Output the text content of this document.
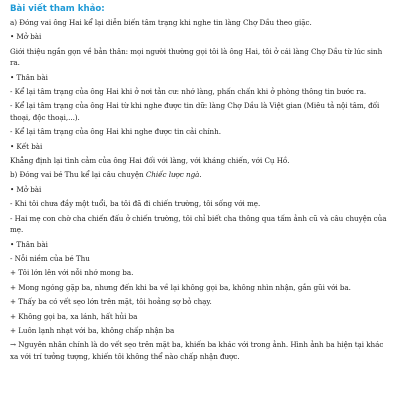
Bài viết tham khảo:

a) Đóng vai ông Hai kể lại diễn biến tâm trạng khi nghe tin làng Chợ Dầu theo giặc.

• Mở bài

Giới thiệu ngắn gọn về bản thân: mọi người thường gọi tôi là ông Hai, tôi ở cái làng Chợ Dầu từ lúc sinh ra.

• Thân bài

- Kể lại tâm trạng của ông Hai khi ở nơi tản cư: nhớ làng, phấn chấn khi ở phòng thông tin bước ra.

- Kể lại tâm trạng của ông Hai từ khi nghe được tin dữ: làng Chợ Dầu là Việt gian (Miêu tả nội tâm, đối thoại, độc thoại,...).

- Kể lại tâm trạng của ông Hai khi nghe được tin cải chính.

• Kết bài

Khẳng định lại tình cảm của ông Hai đối với làng, với kháng chiến, với Cụ Hồ.

b) Đóng vai bé Thu kể lại câu chuyện Chiếc lược ngà.

• Mở bài

- Khi tôi chưa đầy một tuổi, ba tôi đã đi chiến trường, tôi sống với mẹ.

- Hai mẹ con chờ cha chiến đấu ở chiến trường, tôi chỉ biết cha thông qua tấm ảnh cũ và câu chuyện của mẹ.

• Thân bài

- Nỗi niềm của bé Thu

+ Tôi lớn lên với nỗi nhớ mong ba.

+ Mong ngóng gặp ba, nhưng đến khi ba về lại không gọi ba, không nhìn nhận, gắn gũi với ba.

+ Thấy ba có vết sẹo lớn trên mặt, tôi hoảng sợ bỏ chạy.

+ Không gọi ba, xa lánh, hất hủi ba

+ Luôn lạnh nhạt với ba, không chấp nhận ba

→ Nguyên nhân chính là do vết sẹo trên mặt ba, khiến ba khác với trong ảnh. Hình ảnh ba hiện tại khác xa với trí tưởng tượng, khiến tôi không thể nào chấp nhận được.
